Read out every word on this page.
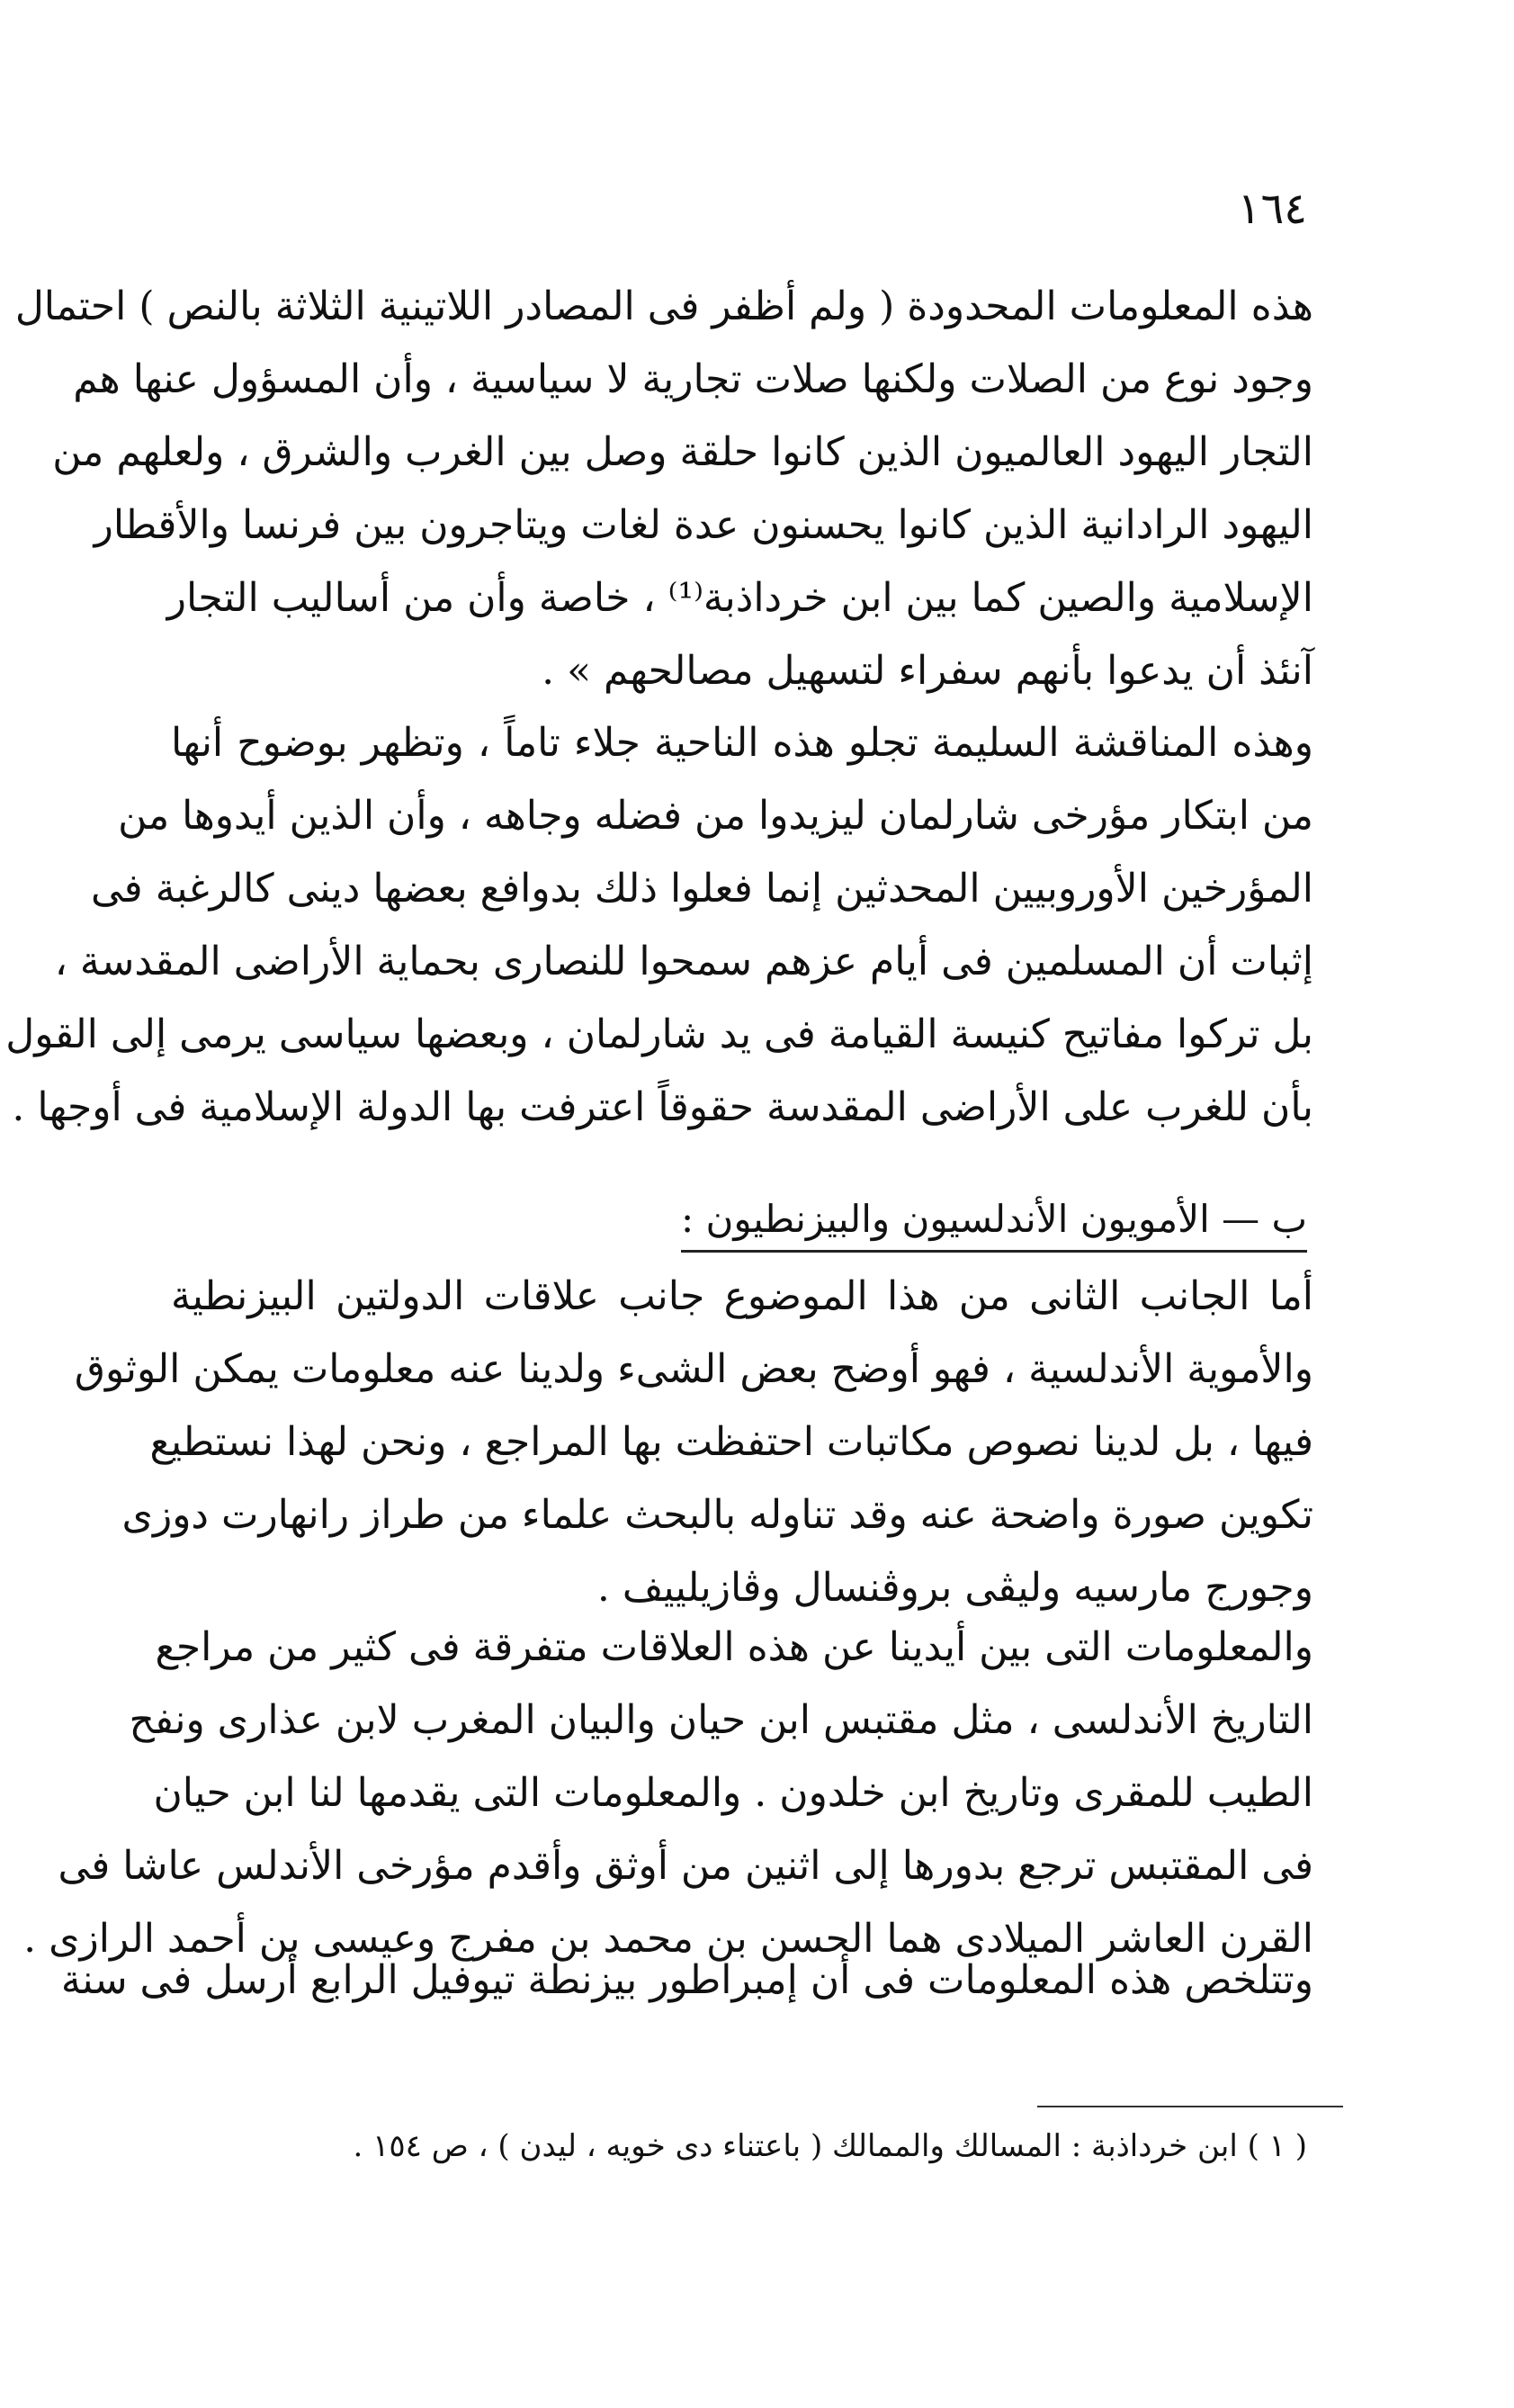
١٦٤
هذه المعلومات المحدودة ( ولم أظفر فى المصادر اللاتينية الثلاثة بالنص ) احتمال
وجود نوع من الصلات ولكنها صلات تجارية لا سياسية ، وأن المسؤول عنها هم
التجار اليهود العالميون الذين كانوا حلقة وصل بين الغرب والشرق ، ولعلهم من
اليهود الرادانية الذين كانوا يحسنون عدة لغات ويتاجرون بين فرنسا والأقطار
الإسلامية والصين كما بين ابن خرداذبة⁽¹⁾ ، خاصة وأن من أساليب التجار
آنئذ أن يدعوا بأنهم سفراء لتسهيل مصالحهم » .
وهذه المناقشة السليمة تجلو هذه الناحية جلاء تاماً ، وتظهر بوضوح أنها
من ابتكار مؤرخى شارلمان ليزيدوا من فضله وجاهه ، وأن الذين أيدوها من
المؤرخين الأوروبيين المحدثين إنما فعلوا ذلك بدوافع بعضها دينى كالرغبة فى
إثبات أن المسلمين فى أيام عزهم سمحوا للنصارى بحماية الأراضى المقدسة ،
بل تركوا مفاتيح كنيسة القيامة فى يد شارلمان ، وبعضها سياسى يرمى إلى القول
بأن للغرب على الأراضى المقدسة حقوقاً اعترفت بها الدولة الإسلامية فى أوجها .
ب — الأمويون الأندلسيون والبيزنطيون :
أما الجانب الثانى من هذا الموضوع جانب علاقات الدولتين البيزنطية
والأموية الأندلسية ، فهو أوضح بعض الشىء ولدينا عنه معلومات يمكن الوثوق
فيها ، بل لدينا نصوص مكاتبات احتفظت بها المراجع ، ونحن لهذا نستطيع
تكوين صورة واضحة عنه وقد تناوله بالبحث علماء من طراز رانهارت دوزى
وجورج مارسيه وليڤى بروڤنسال وڤازيلييف .
والمعلومات التى بين أيدينا عن هذه العلاقات متفرقة فى كثير من مراجع
التاريخ الأندلسى ، مثل مقتبس ابن حيان والبيان المغرب لابن عذارى ونفح
الطيب للمقرى وتاريخ ابن خلدون . والمعلومات التى يقدمها لنا ابن حيان
فى المقتبس ترجع بدورها إلى اثنين من أوثق وأقدم مؤرخى الأندلس عاشا فى
القرن العاشر الميلادى هما الحسن بن محمد بن مفرج وعيسى بن أحمد الرازى .
وتتلخص هذه المعلومات فى أن إمبراطور بيزنطة تيوفيل الرابع أرسل فى سنة
( ١ ) ابن خرداذبة : المسالك والممالك ( باعتناء دى خويه ، ليدن ) ، ص ١٥٤ .
